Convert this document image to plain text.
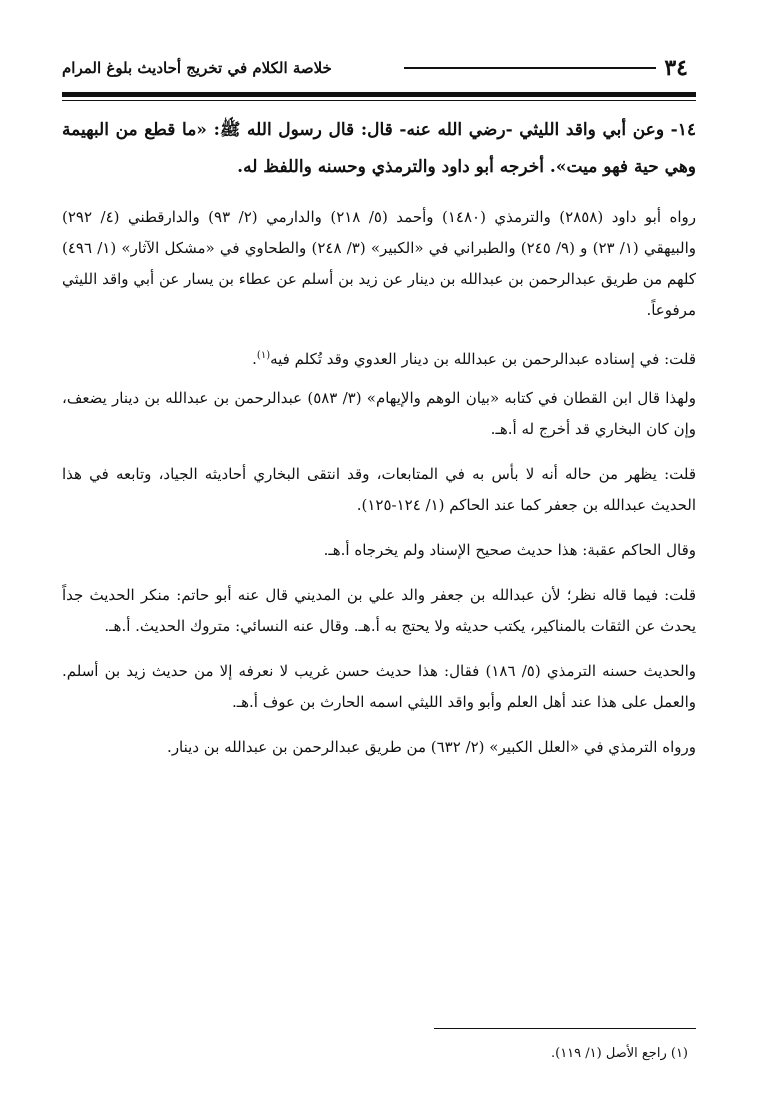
٣٤
خلاصة الكلام في تخريج أحاديث بلوغ المرام

١٤- وعن أبي واقد الليثي -رضي الله عنه- قال: قال رسول الله ﷺ: «ما قطع من البهيمة وهي حية فهو ميت». أخرجه أبو داود والترمذي وحسنه واللفظ له.

رواه أبو داود (٢٨٥٨) والترمذي (١٤٨٠) وأحمد (٥/ ٢١٨) والدارمي (٢/ ٩٣) والدارقطني (٤/ ٢٩٢) والبيهقي (١/ ٢٣) و (٩/ ٢٤٥) والطبراني في «الكبير» (٣/ ٢٤٨) والطحاوي في «مشكل الآثار» (١/ ٤٩٦) كلهم من طريق عبدالرحمن بن عبدالله بن دينار عن زيد بن أسلم عن عطاء بن يسار عن أبي واقد الليثي مرفوعاً.

قلت: في إسناده عبدالرحمن بن عبدالله بن دينار العدوي وقد تُكلم فيه$^{(١)}$.

ولهذا قال ابن القطان في كتابه «بيان الوهم والإيهام» (٣/ ٥٨٣) عبدالرحمن بن عبدالله بن دينار يضعف، وإن كان البخاري قد أخرج له أ.هـ.

قلت: يظهر من حاله أنه لا بأس به في المتابعات، وقد انتقى البخاري أحاديثه الجياد، وتابعه في هذا الحديث عبدالله بن جعفر كما عند الحاكم (١/ ١٢٤-١٢٥).

وقال الحاكم عقبة: هذا حديث صحيح الإسناد ولم يخرجاه أ.هـ.

قلت: فيما قاله نظر؛ لأن عبدالله بن جعفر والد علي بن المديني قال عنه أبو حاتم: منكر الحديث جداً يحدث عن الثقات بالمناكير، يكتب حديثه ولا يحتج به أ.هـ. وقال عنه النسائي: متروك الحديث. أ.هـ.

والحديث حسنه الترمذي (٥/ ١٨٦) فقال: هذا حديث حسن غريب لا نعرفه إلا من حديث زيد بن أسلم. والعمل على هذا عند أهل العلم وأبو واقد الليثي اسمه الحارث بن عوف أ.هـ.

ورواه الترمذي في «العلل الكبير» (٢/ ٦٣٢) من طريق عبدالرحمن بن عبدالله بن دينار.

(١) راجع الأصل (١/ ١١٩).
